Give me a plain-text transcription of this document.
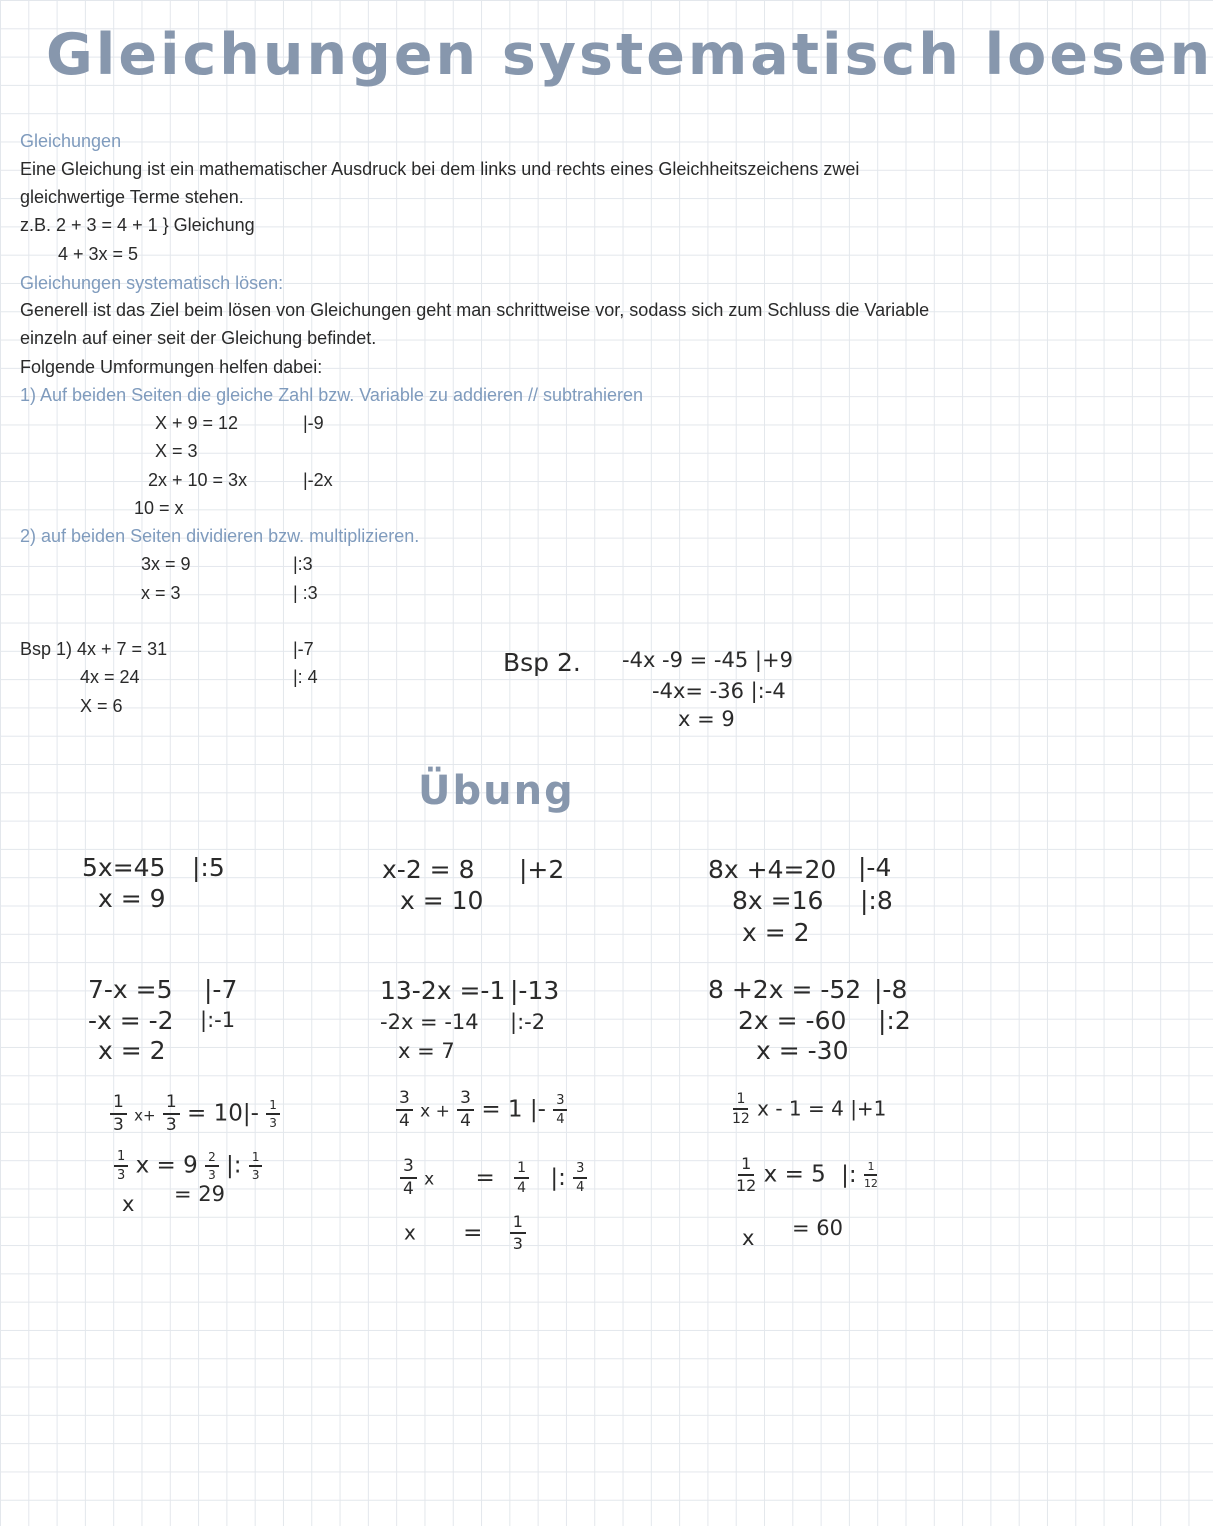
Gleichungen systematisch loesen
Gleichungen
Eine Gleichung ist ein mathematischer Ausdruck bei dem links und rechts eines Gleichheitszeichens zwei
gleichwertige Terme stehen.
z.B. 2 + 3 = 4 + 1 } Gleichung
4 + 3x = 5
Gleichungen systematisch lösen:
Generell ist das Ziel beim lösen von Gleichungen geht man schrittweise vor, sodass sich zum Schluss die Variable
einzeln auf einer seit der Gleichung befindet.
Folgende Umformungen helfen dabei:
1) Auf beiden Seiten die gleiche Zahl bzw. Variable zu addieren // subtrahieren
X + 9 = 12	|-9
X = 3
2x + 10 = 3x	|-2x
10 = x
2) auf beiden Seiten dividieren bzw. multiplizieren.
3x = 9	|:3
x = 3	| :3
Bsp 1) 4x + 7 = 31	|-7
4x = 24	|: 4
X = 6
Bsp 2. -4x -9 = -45 |+9
-4x= -36 |:-4
x = 9
Übung
5x=45 |:5
x = 9
x-2 = 8 |+2
x = 10
8x +4=20 |-4
8x =16 |:8
x = 2
7-x =5 |-7
-x = -2 |:-1
x = 2
13-2x =-1 |-13
-2x = -14 |:-2
x = 7
8 +2x = -52 |-8
2x = -60 |:2
x = -30
$\frac{1}{3} x+ \frac{1}{3} = 10|- \frac{1}{3}$
$\frac{1}{3}$ $x = 9 \frac{2}{3}$ |: $\frac{1}{3}$
x = 29
$\frac{3}{4}$ $x + \frac{3}{4} = 1$ |- $\frac{3}{4}$
$\frac{3}{4}$ $x = \frac{1}{4}$ |: $\frac{3}{4}$
$x = \frac{1}{3}$
$\frac{1}{12}$ x - 1 = 4 |+1
$\frac{1}{12}$ x = 5 |: $\frac{1}{12}$
x = 60
